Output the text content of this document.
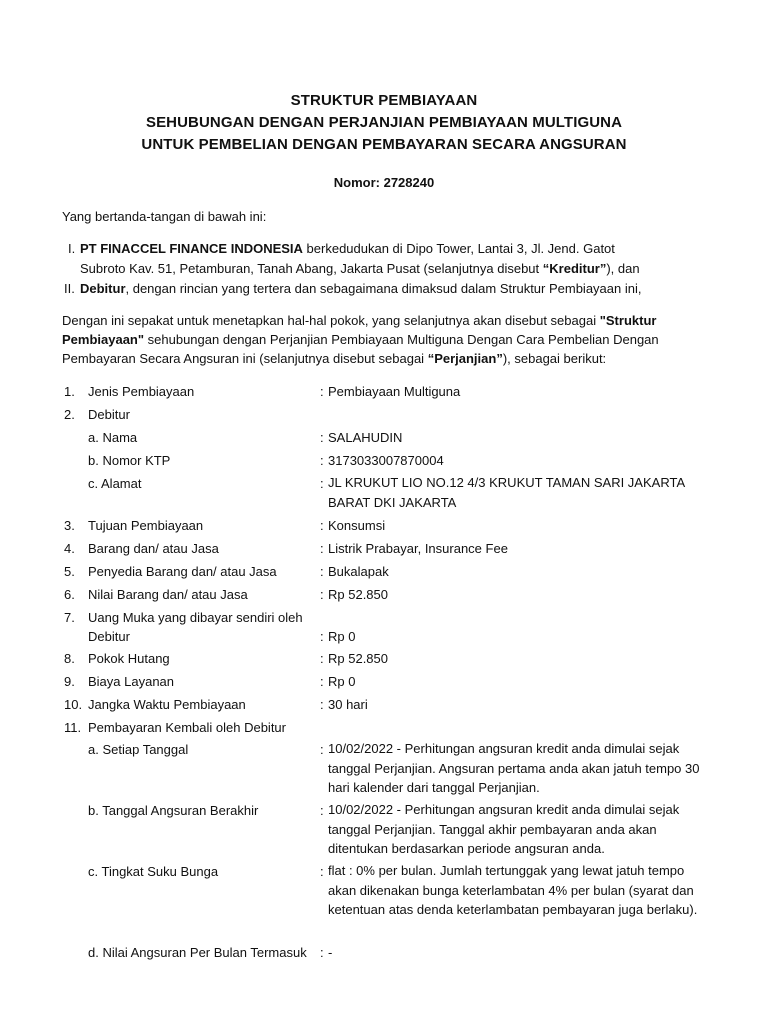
STRUKTUR PEMBIAYAAN
SEHUBUNGAN DENGAN PERJANJIAN PEMBIAYAAN MULTIGUNA
UNTUK PEMBELIAN DENGAN PEMBAYARAN SECARA ANGSURAN
Nomor: 2728240
Yang bertanda-tangan di bawah ini:
I. PT FINACCEL FINANCE INDONESIA berkedudukan di Dipo Tower, Lantai 3, Jl. Jend. Gatot
Subroto Kav. 51, Petamburan, Tanah Abang, Jakarta Pusat (selanjutnya disebut “Kreditur”), dan
II. Debitur, dengan rincian yang tertera dan sebagaimana dimaksud dalam Struktur Pembiayaan ini,
Dengan ini sepakat untuk menetapkan hal-hal pokok, yang selanjutnya akan disebut sebagai "Struktur
Pembiayaan" sehubungan dengan Perjanjian Pembiayaan Multiguna Dengan Cara Pembelian Dengan
Pembayaran Secara Angsuran ini (selanjutnya disebut sebagai “Perjanjian”), sebagai berikut:
1.	Jenis Pembiayaan	: Pembiayaan Multiguna
2.	Debitur
a. Nama	: SALAHUDIN
b. Nomor KTP	: 3173033007870004
c. Alamat	: JL KRUKUT LIO NO.12 4/3 KRUKUT TAMAN SARI JAKARTA BARAT DKI JAKARTA
3.	Tujuan Pembiayaan	: Konsumsi
4.	Barang dan/ atau Jasa	: Listrik Prabayar, Insurance Fee
5.	Penyedia Barang dan/ atau Jasa	: Bukalapak
6.	Nilai Barang dan/ atau Jasa	: Rp 52.850
7.	Uang Muka yang dibayar sendiri oleh
Debitur	: Rp 0
8.	Pokok Hutang	: Rp 52.850
9.	Biaya Layanan	: Rp 0
10. Jangka Waktu Pembiayaan	: 30 hari
11. Pembayaran Kembali oleh Debitur
a. Setiap Tanggal	: 10/02/2022 - Perhitungan angsuran kredit anda dimulai sejak tanggal Perjanjian. Angsuran pertama anda akan jatuh tempo 30 hari kalender dari tanggal Perjanjian.
b. Tanggal Angsuran Berakhir	: 10/02/2022 - Perhitungan angsuran kredit anda dimulai sejak tanggal Perjanjian. Tanggal akhir pembayaran anda akan ditentukan berdasarkan periode angsuran anda.
c. Tingkat Suku Bunga	: flat : 0% per bulan. Jumlah tertunggak yang lewat jatuh tempo akan dikenakan bunga keterlambatan 4% per bulan (syarat dan ketentuan atas denda keterlambatan pembayaran juga berlaku).
d. Nilai Angsuran Per Bulan Termasuk : -
